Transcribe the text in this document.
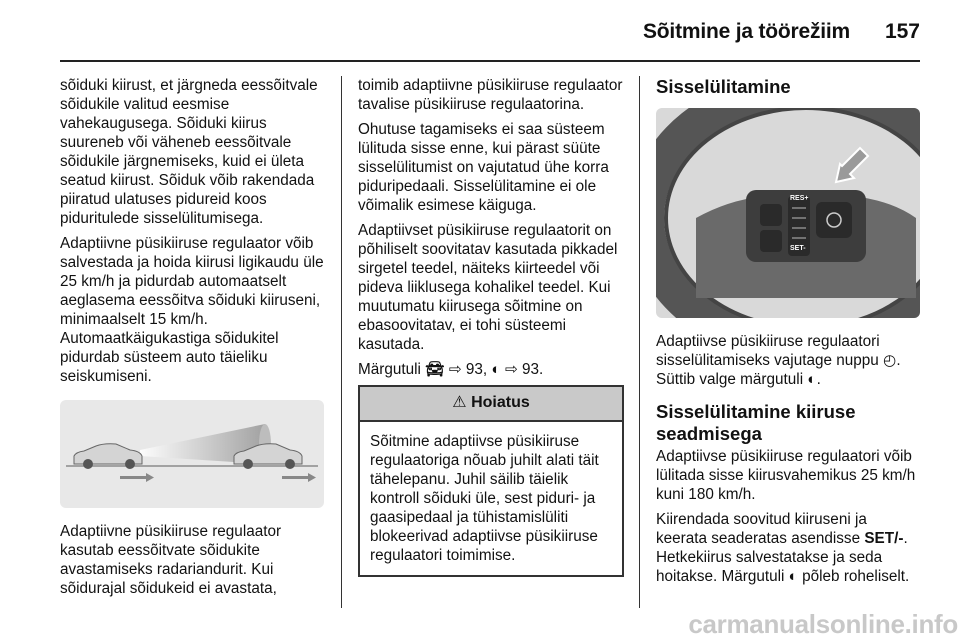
Sõitmine ja töörežiim 157

sõiduki kiirust, et järgneda eessõitvale sõidukile valitud eesmise vahekaugusega. Sõiduki kiirus suureneb või väheneb eessõitvale sõidukile järgnemiseks, kuid ei ületa seatud kiirust. Sõiduk võib rakendada piiratud ulatuses pidureid koos piduritulede sisselülitumisega.

Adaptiivne püsikiiruse regulaator võib salvestada ja hoida kiirusi ligikaudu üle 25 km/h ja pidurdab automaatselt aeglasema eessõitva sõiduki kiiruseni, minimaalselt 15 km/h. Automaatkäigukastiga sõidukitel pidurdab süsteem auto täieliku seiskumiseni.

Adaptiivne püsikiiruse regulaator kasutab eessõitvate sõidukite avastamiseks radariandurit. Kui sõidurajal sõidukeid ei avastata,

toimib adaptiivne püsikiiruse regulaator tavalise püsikiiruse regulaatorina.

Ohutuse tagamiseks ei saa süsteem lülituda sisse enne, kui pärast süüte sisselülitumist on vajutatud ühe korra piduripedaali. Sisselülitamine ei ole võimalik esimese käiguga.

Adaptiivset püsikiiruse regulaatorit on põhiliselt soovitatav kasutada pikkadel sirgetel teedel, näiteks kiirteedel või pideva liiklusega kohalikel teedel. Kui muutumatu kiirusega sõitmine on ebasoovitatav, ei tohi süsteemi kasutada.

Märgutuli 🚘︎ ⇨ 93, ◐ ⇨ 93.

⚠ Hoiatus
Sõitmine adaptiivse püsikiiruse regulaatoriga nõuab juhilt alati täit tähelepanu. Juhil säilib täielik kontroll sõiduki üle, sest piduri- ja gaasipedaal ja tühistamislüliti blokeerivad adaptiivse püsikiiruse regulaatori toimimise.
Sisselülitamine
RES+
SET-

Adaptiivse püsikiiruse regulaatori sisselülitamiseks vajutage nuppu ◴. Süttib valge märgutuli ◐.

Sisselülitamine kiiruse seadmisega

Adaptiivse püsikiiruse regulaatori võib lülitada sisse kiirusvahemikus 25 km/h kuni 180 km/h.

Kiirendada soovitud kiiruseni ja keerata seaderatas asendisse SET/-. Hetkekiirus salvestatakse ja seda hoitakse. Märgutuli ◐ põleb roheliselt.

carmanualsonline.info
